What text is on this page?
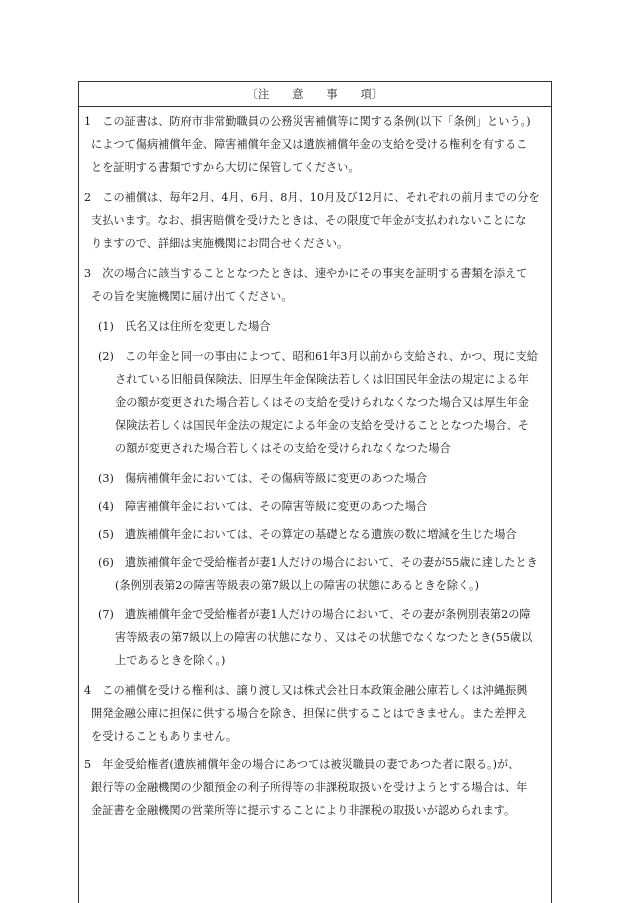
〔注　　意　　事　　項〕
1　この証書は、防府市非常勤職員の公務災害補償等に関する条例(以下「条例」という。)
によつて傷病補償年金、障害補償年金又は遺族補償年金の支給を受ける権利を有するこ
とを証明する書類ですから大切に保管してください。
2　この補償は、毎年2月、4月、6月、8月、10月及び12月に、それぞれの前月までの分を
支払います。なお、損害賠償を受けたときは、その限度で年金が支払われないことにな
りますので、詳細は実施機関にお問合せください。
3　次の場合に該当することとなつたときは、速やかにその事実を証明する書類を添えて
その旨を実施機関に届け出てください。
(1)　氏名又は住所を変更した場合
(2)　この年金と同一の事由によつて、昭和61年3月以前から支給され、かつ、現に支給
されている旧船員保険法、旧厚生年金保険法若しくは旧国民年金法の規定による年
金の額が変更された場合若しくはその支給を受けられなくなつた場合又は厚生年金
保険法若しくは国民年金法の規定による年金の支給を受けることとなつた場合、そ
の額が変更された場合若しくはその支給を受けられなくなつた場合
(3)　傷病補償年金においては、その傷病等級に変更のあつた場合
(4)　障害補償年金においては、その障害等級に変更のあつた場合
(5)　遺族補償年金においては、その算定の基礎となる遺族の数に増減を生じた場合
(6)　遺族補償年金で受給権者が妻1人だけの場合において、その妻が55歳に達したとき
(条例別表第2の障害等級表の第7級以上の障害の状態にあるときを除く。)
(7)　遺族補償年金で受給権者が妻1人だけの場合において、その妻が条例別表第2の障
害等級表の第7級以上の障害の状態になり、又はその状態でなくなつたとき(55歳以
上であるときを除く。)
4　この補償を受ける権利は、譲り渡し又は株式会社日本政策金融公庫若しくは沖縄振興
開発金融公庫に担保に供する場合を除き、担保に供することはできません。また差押え
を受けることもありません。
5　年金受給権者(遺族補償年金の場合にあつては被災職員の妻であつた者に限る。)が、
銀行等の金融機関の少額預金の利子所得等の非課税取扱いを受けようとする場合は、年
金証書を金融機関の営業所等に提示することにより非課税の取扱いが認められます。
